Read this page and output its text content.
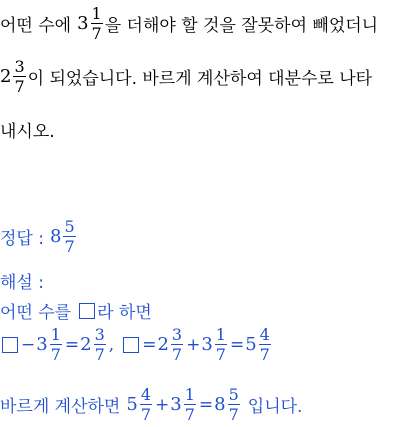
어떤 수에 $3 \frac{1}{7}$ 을 더해야 할 것을 잘못하여 빼었더니
$2 \frac{3}{7}$ 이 되었습니다. 바르게 계산하여 대분수로 나타
내시오.
정답 : $8 \frac{5}{7}$
해설 :
어떤 수를 라 하면
− $3 \frac{1}{7} = 2 \frac{3}{7}$ , = $2 \frac{3}{7} + 3 \frac{1}{7} = 5 \frac{4}{7}$
바르게 계산하면 $5 \frac{4}{7} + 3 \frac{1}{7} = 8 \frac{5}{7}$ 입니다.
